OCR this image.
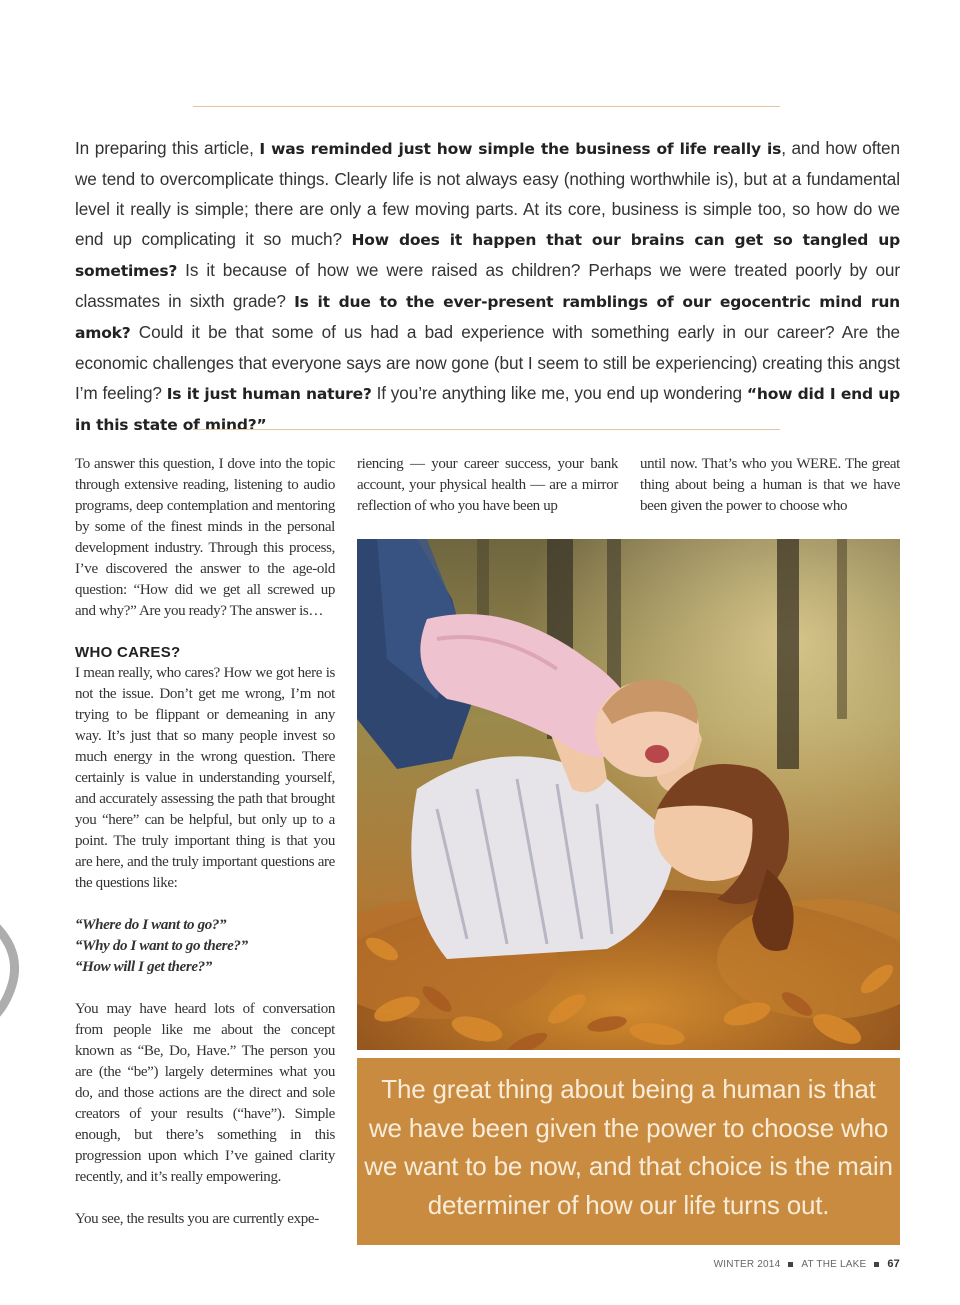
In preparing this article, I was reminded just how simple the business of life really is, and how often we tend to overcomplicate things. Clearly life is not always easy (nothing worthwhile is), but at a fundamental level it really is simple; there are only a few moving parts. At its core, business is simple too, so how do we end up complicating it so much? How does it happen that our brains can get so tangled up sometimes? Is it because of how we were raised as children? Perhaps we were treated poorly by our classmates in sixth grade? Is it due to the ever-present ramblings of our egocentric mind run amok? Could it be that some of us had a bad experience with something early in our career? Are the economic challenges that everyone says are now gone (but I seem to still be experiencing) creating this angst I’m feeling? Is it just human nature? If you’re anything like me, you end up wondering “how did I end up in this state of mind?”

To answer this question, I dove into the topic through extensive reading, listening to audio programs, deep contemplation and mentoring by some of the finest minds in the personal development industry. Through this process, I’ve discovered the answer to the age-old question: “How did we get all screwed up and why?” Are you ready? The answer is…

WHO CARES?

I mean really, who cares? How we got here is not the issue. Don’t get me wrong, I’m not trying to be flippant or demeaning in any way. It’s just that so many people invest so much energy in the wrong question. There certainly is value in understanding yourself, and accurately assessing the path that brought you “here” can be helpful, but only up to a point. The truly important thing is that you are here, and the truly important questions are the questions like:

“Where do I want to go?”
“Why do I want to go there?”
“How will I get there?”

You may have heard lots of conversation from people like me about the concept known as “Be, Do, Have.” The person you are (the “be”) largely determines what you do, and those actions are the direct and sole creators of your results (“have”). Simple enough, but there’s something in this progression upon which I’ve gained clarity recently, and it’s really empowering.

You see, the results you are currently expe-

riencing — your career success, your bank account, your physical health — are a mirror reflection of who you have been up

until now. That’s who you WERE. The great thing about being a human is that we have been given the power to choose who

The great thing about being a human is that we have been given the power to choose who we want to be now, and that choice is the main determiner of how our life turns out.

WINTER 2014 AT THE LAKE 67
